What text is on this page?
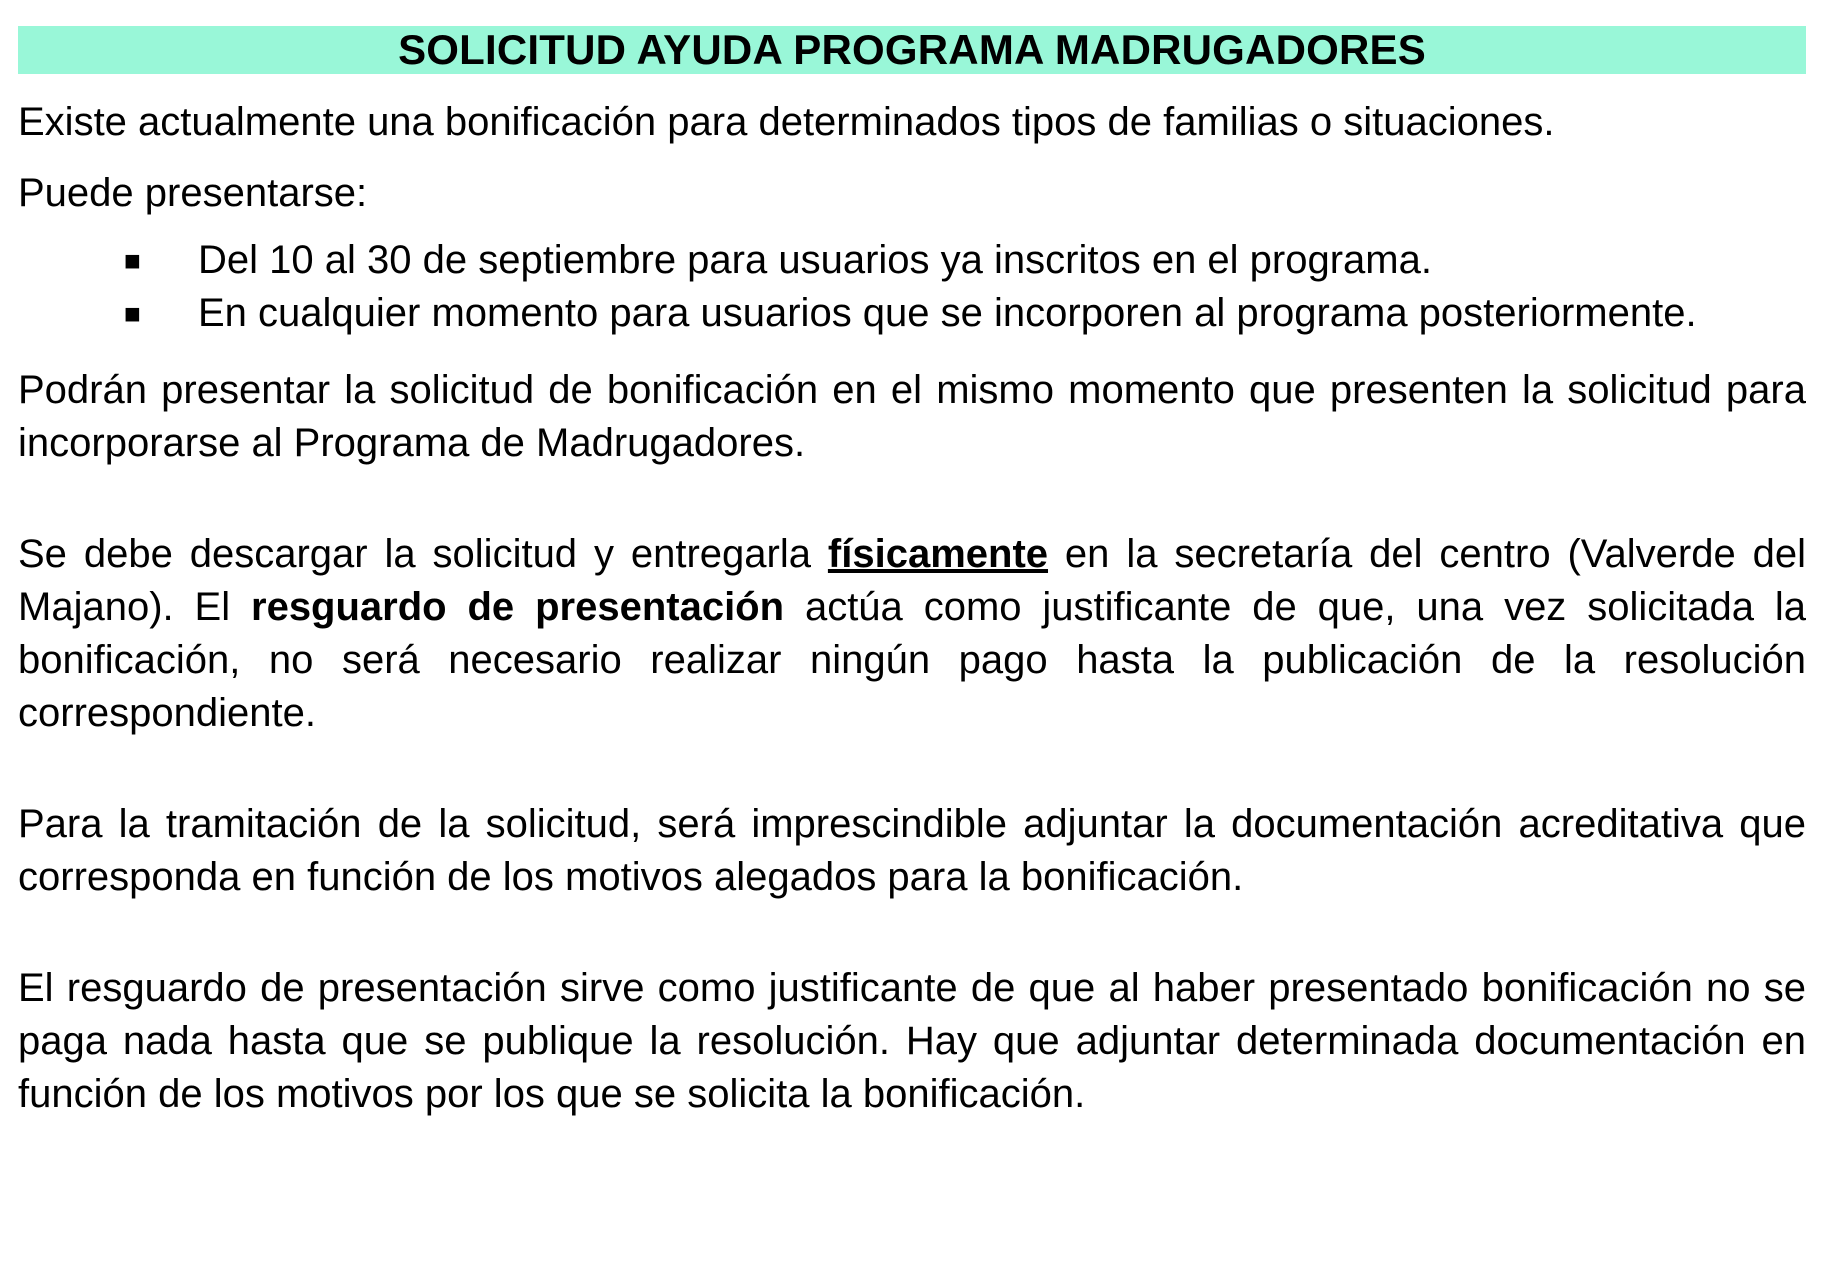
SOLICITUD AYUDA PROGRAMA MADRUGADORES

Existe actualmente una bonificación para determinados tipos de familias o situaciones.

Puede presentarse:

■	Del 10 al 30 de septiembre para usuarios ya inscritos en el programa.
■	En cualquier momento para usuarios que se incorporen al programa posteriormente.

Podrán presentar la solicitud de bonificación en el mismo momento que presenten la solicitud para incorporarse al Programa de Madrugadores.

Se debe descargar la solicitud y entregarla físicamente en la secretaría del centro (Valverde del Majano). El resguardo de presentación actúa como justificante de que, una vez solicitada la bonificación, no será necesario realizar ningún pago hasta la publicación de la resolución correspondiente.

Para la tramitación de la solicitud, será imprescindible adjuntar la documentación acreditativa que corresponda en función de los motivos alegados para la bonificación.

El resguardo de presentación sirve como justificante de que al haber presentado bonificación no se paga nada hasta que se publique la resolución. Hay que adjuntar determinada documentación en función de los motivos por los que se solicita la bonificación.
